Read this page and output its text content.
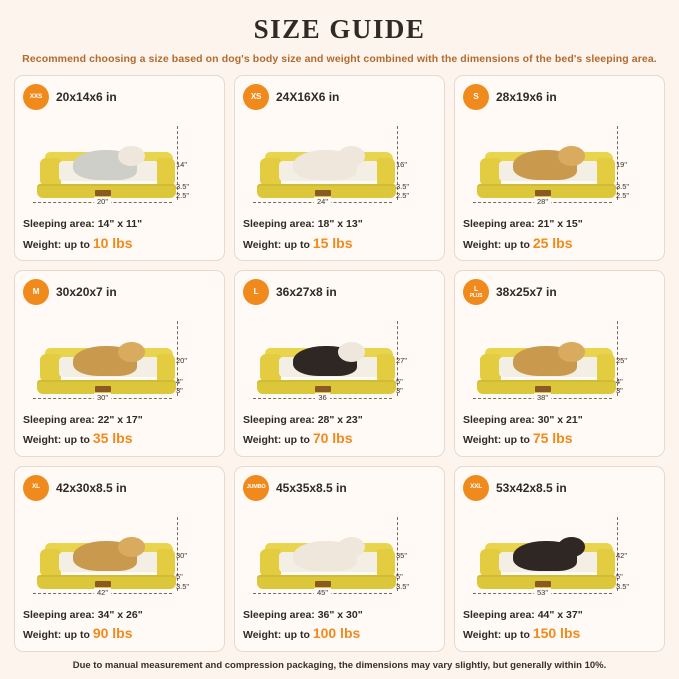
SIZE GUIDE
Recommend choosing a size based on dog's body size and weight combined with the dimensions of the bed's sleeping area.
XXS 20x14x6 in
14"
3.5"
2.5"
20"
Sleeping area: 14" x 11"
Weight: up to 10 lbs
XS 24X16X6 in
16"
3.5"
2.5"
24"
Sleeping area: 18" x 13"
Weight: up to 15 lbs
S 28x19x6 in
19"
3.5"
2.5"
28"
Sleeping area: 21" x 15"
Weight: up to 25 lbs
M 30x20x7 in
20"
4"
3"
30"
Sleeping area: 22" x 17"
Weight: up to 35 lbs
L 36x27x8 in
27"
5"
3"
36
Sleeping area: 28" x 23"
Weight: up to 70 lbs
L
PLUS 38x25x7 in
25"
4"
3"
38"
Sleeping area: 30" x 21"
Weight: up to 75 lbs
XL 42x30x8.5 in
30"
5"
3.5"
42"
Sleeping area: 34" x 26"
Weight: up to 90 lbs
JUMBO 45x35x8.5 in
35"
5"
3.5"
45"
Sleeping area: 36" x 30"
Weight: up to 100 lbs
XXL 53x42x8.5 in
42"
5"
3.5"
53"
Sleeping area: 44" x 37"
Weight: up to 150 lbs
Due to manual measurement and compression packaging, the dimensions may vary slightly, but generally within 10%.
